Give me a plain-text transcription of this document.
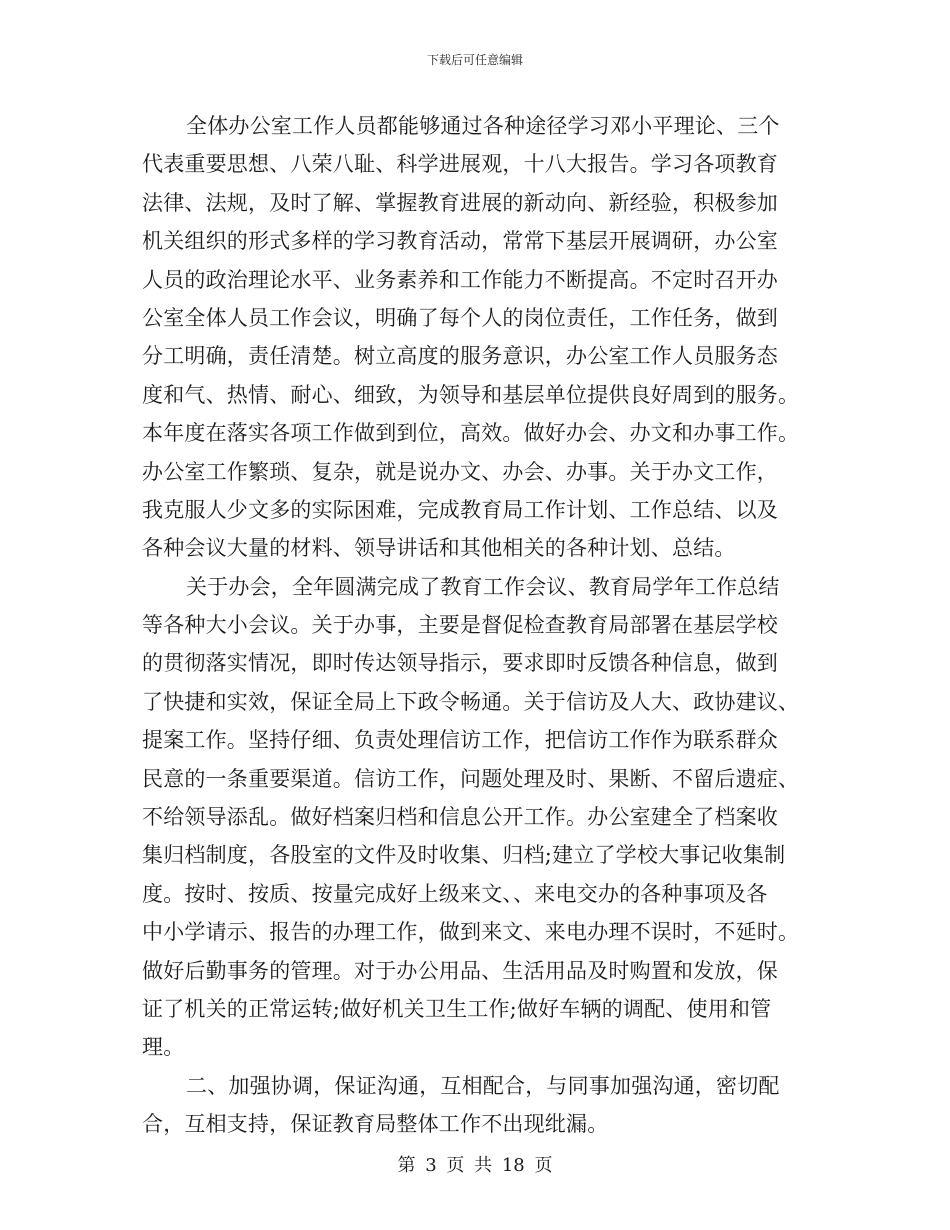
下载后可任意编辑
全体办公室工作人员都能够通过各种途径学习邓小平理论、三个
代表重要思想、八荣八耻、科学进展观，十八大报告。学习各项教育
法律、法规，及时了解、掌握教育进展的新动向、新经验，积极参加
机关组织的形式多样的学习教育活动，常常下基层开展调研，办公室
人员的政治理论水平、业务素养和工作能力不断提高。不定时召开办
公室全体人员工作会议，明确了每个人的岗位责任，工作任务，做到
分工明确，责任清楚。树立高度的服务意识，办公室工作人员服务态
度和气、热情、耐心、细致，为领导和基层单位提供良好周到的服务。
本年度在落实各项工作做到到位，高效。做好办会、办文和办事工作。
办公室工作繁琐、复杂，就是说办文、办会、办事。关于办文工作，
我克服人少文多的实际困难，完成教育局工作计划、工作总结、以及
各种会议大量的材料、领导讲话和其他相关的各种计划、总结。
关于办会，全年圆满完成了教育工作会议、教育局学年工作总结
等各种大小会议。关于办事，主要是督促检查教育局部署在基层学校
的贯彻落实情况，即时传达领导指示，要求即时反馈各种信息，做到
了快捷和实效，保证全局上下政令畅通。关于信访及人大、政协建议、
提案工作。坚持仔细、负责处理信访工作，把信访工作作为联系群众
民意的一条重要渠道。信访工作，问题处理及时、果断、不留后遗症、
不给领导添乱。做好档案归档和信息公开工作。办公室建全了档案收
集归档制度，各股室的文件及时收集、归档;建立了学校大事记收集制
度。按时、按质、按量完成好上级来文、、来电交办的各种事项及各
中小学请示、报告的办理工作，做到来文、来电办理不误时，不延时。
做好后勤事务的管理。对于办公用品、生活用品及时购置和发放，保
证了机关的正常运转;做好机关卫生工作;做好车辆的调配、使用和管
理。
二、加强协调，保证沟通，互相配合，与同事加强沟通，密切配
合，互相支持，保证教育局整体工作不出现纰漏。
第 3 页 共 18 页
